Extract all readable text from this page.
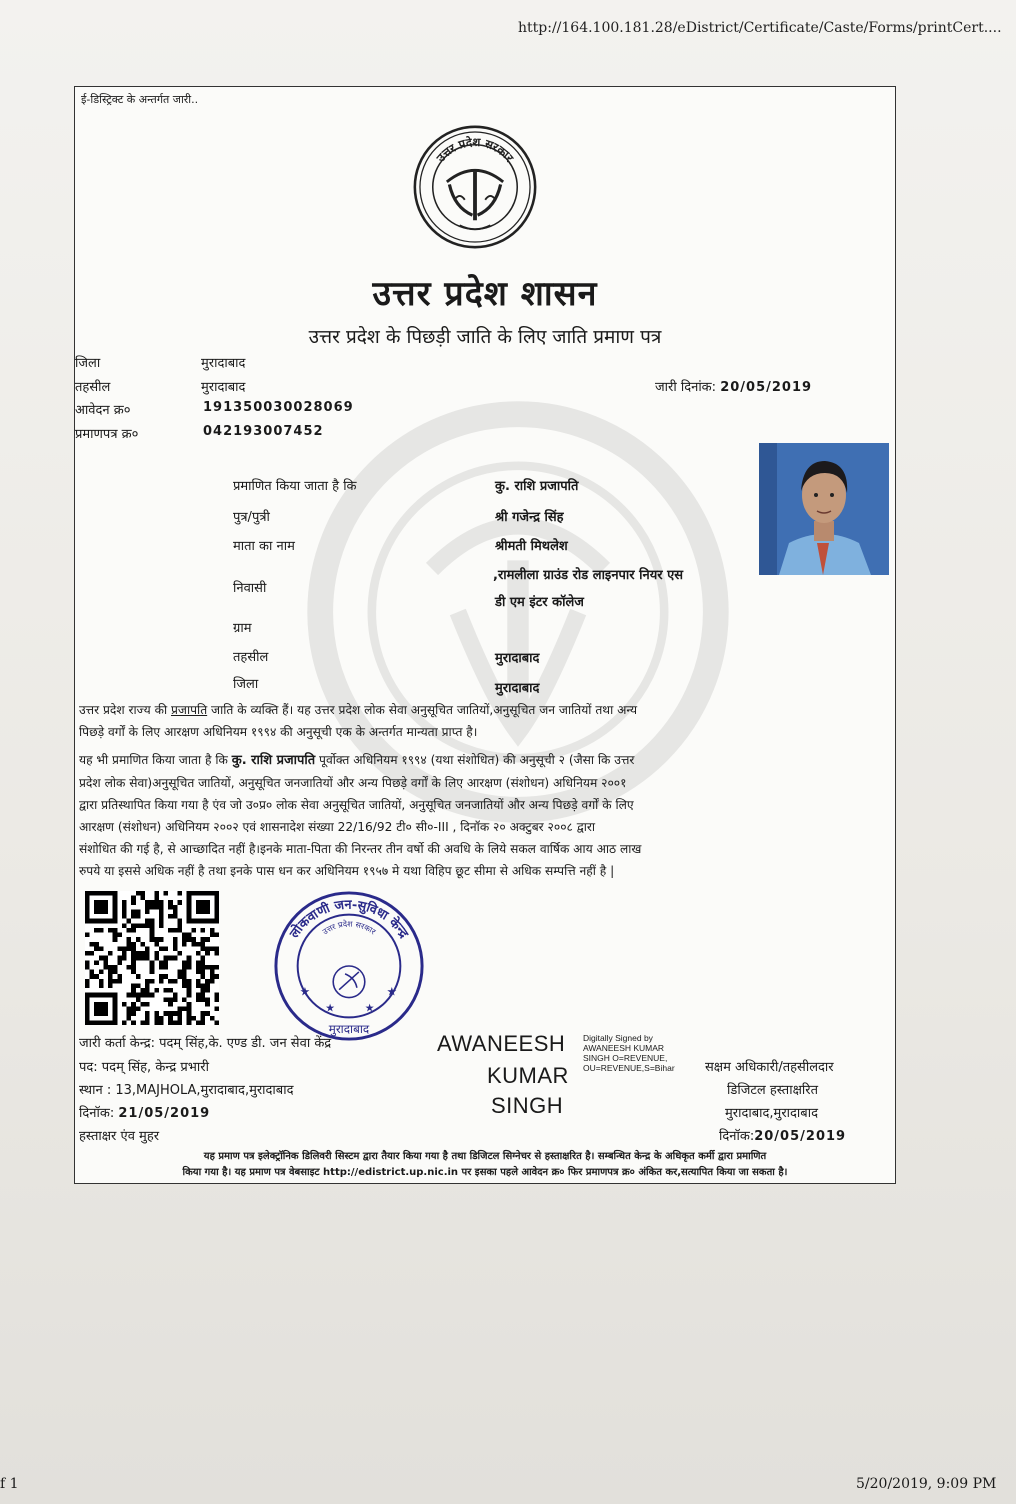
http://164.100.181.28/eDistrict/Certificate/Caste/Forms/printCert....
ई-डिस्ट्रिक्ट के अन्तर्गत जारी..
उत्तर प्रदेश सरकार
उत्तर प्रदेश शासन
उत्तर प्रदेश के पिछड़ी जाति के लिए जाति प्रमाण पत्र
जिला	मुरादाबाद
तहसील	मुरादाबाद
आवेदन क्र०	191350030028069
प्रमाणपत्र क्र०	042193007452
जारी दिनांक: 20/05/2019
प्रमाणित किया जाता है कि	कु. राशि प्रजापति
पुत्र/पुत्री	श्री गजेन्द्र सिंह
माता का नाम	श्रीमती मिथलेश
निवासी
,रामलीला ग्राउंड रोड लाइनपार नियर एस
डी एम इंटर कॉलेज
ग्राम
तहसील	मुरादाबाद
जिला	मुरादाबाद
उत्तर प्रदेश राज्य की प्रजापति जाति के व्यक्ति हैं। यह उत्तर प्रदेश लोक सेवा अनुसूचित जातियों,अनुसूचित जन जातियों तथा अन्य
पिछड़े वर्गों के लिए आरक्षण अधिनियम १९९४ की अनुसूची एक के अन्तर्गत मान्यता प्राप्त है।
यह भी प्रमाणित किया जाता है कि कु. राशि प्रजापति पूर्वोक्त अधिनियम १९९४ (यथा संशोधित) की अनुसूची २ (जैसा कि उत्तर
प्रदेश लोक सेवा)अनुसूचित जातियों, अनुसूचित जनजातियों और अन्य पिछड़े वर्गों के लिए आरक्षण (संशोधन) अधिनियम २००१
द्वारा प्रतिस्थापित किया गया है एंव जो उ०प्र० लोक सेवा अनुसूचित जातियों, अनुसूचित जनजातियों और अन्य पिछड़े वर्गों के लिए
आरक्षण (संशोधन) अधिनियम २००२ एवं शासनादेश संख्या 22/16/92 टी० सी०-III , दिनॉक २० अक्टुबर २००८ द्वारा
संशोधित की गई है, से आच्छादित नहीं है।इनके माता-पिता की निरन्तर तीन वर्षो की अवधि के लिये सकल वार्षिक आय आठ लाख
रुपये या इससे अधिक नहीं है तथा इनके पास धन कर अधिनियम १९५७ मे यथा विहिप छूट सीमा से अधिक सम्पत्ति नहीं है |
लोकवाणी जन-सुविधा केन्द्र
उत्तर प्रदेश सरकार
★	★
★	★
मुरादाबाद
जारी कर्ता केन्द्र: पदम् सिंह,के. एण्ड डी. जन सेवा केंद्र
पद: पदम् सिंह, केन्द्र प्रभारी
स्थान : 13,MAJHOLA,मुरादाबाद,मुरादाबाद
दिनॉक: 21/05/2019
हस्ताक्षर एंव मुहर
AWANEESH
KUMAR
SINGH
Digitally Signed by
AWANEESH KUMAR
SINGH O=REVENUE,
OU=REVENUE,S=Bihar सक्षम अधिकारी/तहसीलदार
डिजिटल हस्ताक्षरित
मुरादाबाद,मुरादाबाद
दिनॉक:20/05/2019
यह प्रमाण पत्र इलेक्ट्रॉनिक डिलिवरी सिस्टम द्वारा तैयार किया गया है तथा डिजिटल सिग्नेचर से हस्ताक्षरित है। सम्बन्धित केन्द्र के अधिकृत कर्मी द्वारा प्रमाणित
किया गया है। यह प्रमाण पत्र वेबसाइट http://edistrict.up.nic.in पर इसका पहले आवेदन क्र० फिर प्रमाणपत्र क्र० अंकित कर,सत्यापित किया जा सकता है।
f 1	5/20/2019, 9:09 PM
